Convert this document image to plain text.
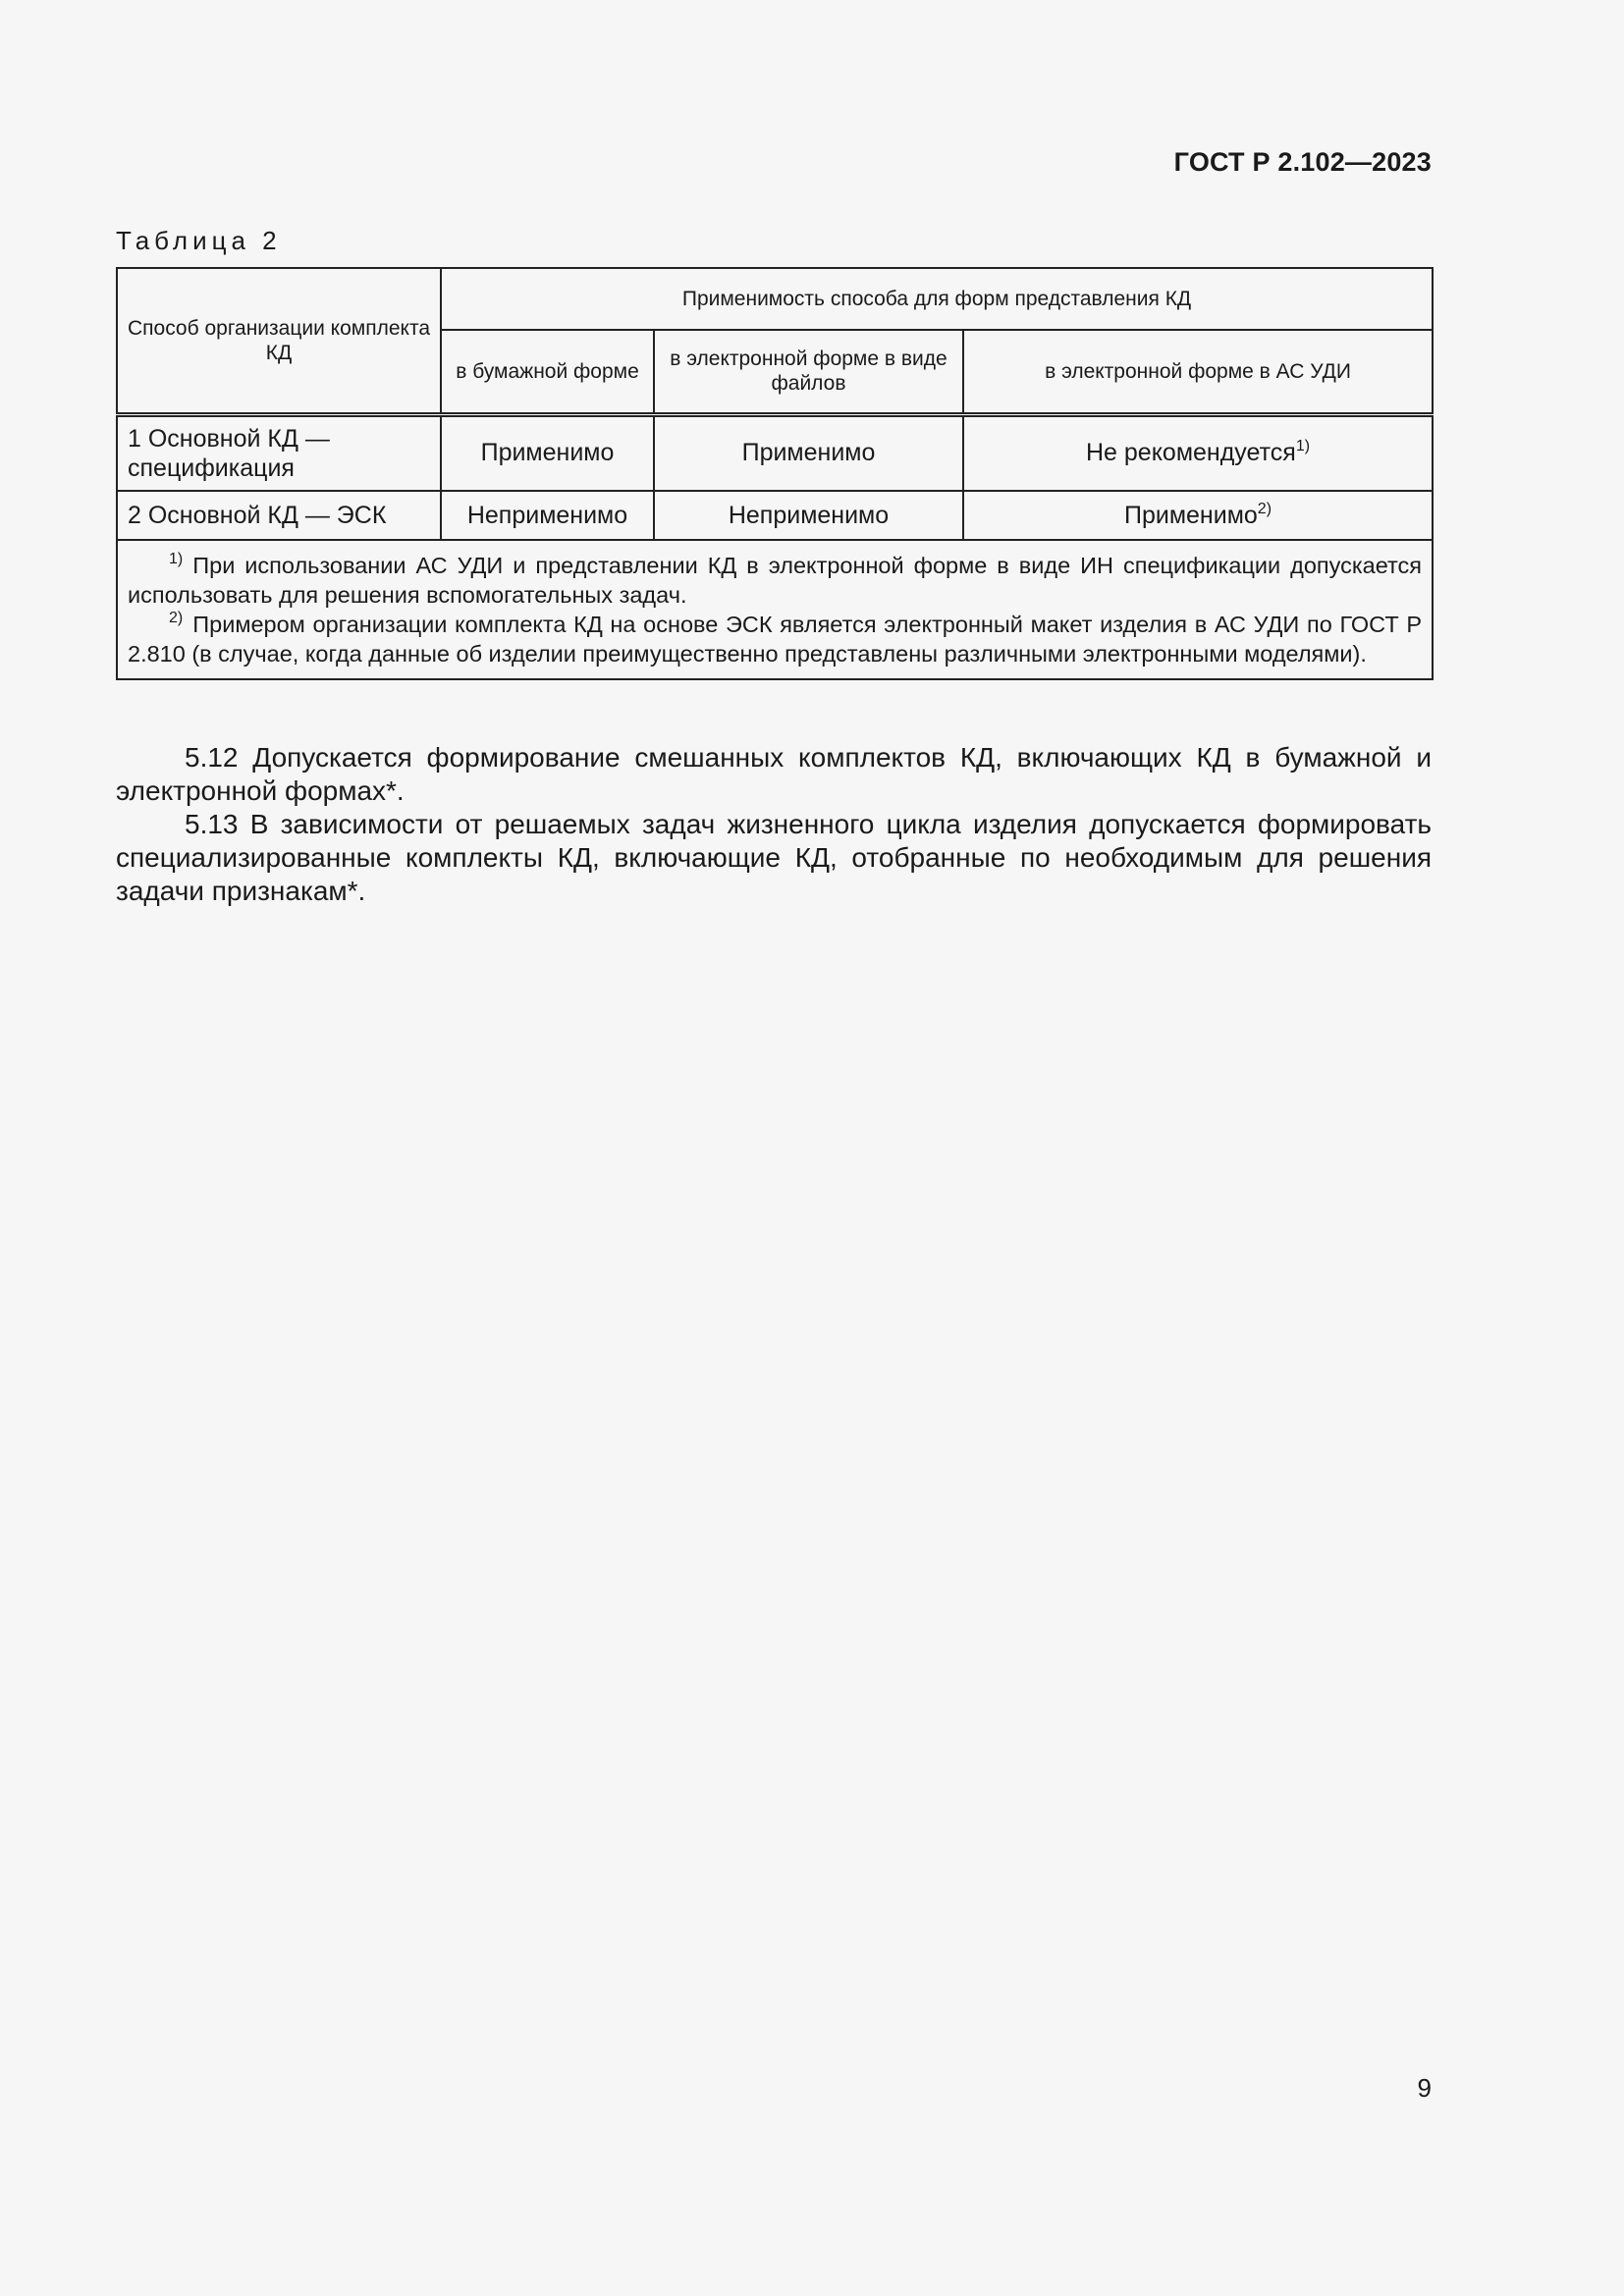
ГОСТ Р 2.102—2023
Таблица 2
Способ организации комплекта КД	Применимость способа для форм представления КД		
	в бумажной форме	в электронной форме в виде файлов	в электронной форме в АС УДИ
1 Основной КД — спецификация	Применимо	Применимо	Не рекомендуется$^{1)}$
2 Основной КД — ЭСК	Неприменимо	Неприменимо	Применимо$^{2)}$

$^{1)}$ При использовании АС УДИ и представлении КД в электронной форме в виде ИН спецификации допускается использовать для решения вспомогательных задач.

$^{2)}$ Примером организации комплекта КД на основе ЭСК является электронный макет изделия в АС УДИ по ГОСТ Р 2.810 (в случае, когда данные об изделии преимущественно представлены различными электронными моделями).			

5.12 Допускается формирование смешанных комплектов КД, включающих КД в бумажной и электронной формах*.

5.13 В зависимости от решаемых задач жизненного цикла изделия допускается формировать специализированные комплекты КД, включающие КД, отобранные по необходимым для решения задачи признакам*.

9
